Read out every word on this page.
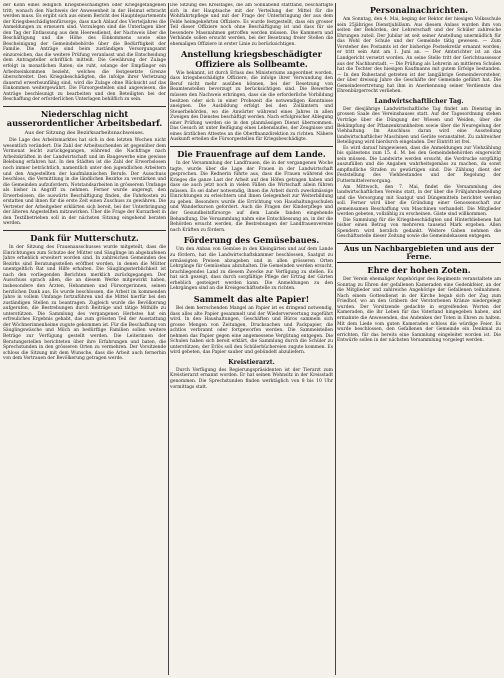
der Kohn eines lediglich Kriegsbeschädigten oder Kriegsgefangenen tritt; wonach den Nachweis der Anwesenheit in der Heimat erbracht werden muss. Es ergibt sich aus einem Bericht des Hauptdepartements der Kriegsbeschädigtenfürsorge, dass nach Ablauf des Vierteljahres die Anmeldungen zu erneuern sind. Vorzulegen sind die Unterlagen über den Tag der Entlassung aus dem Heeresdienst, der Nachweis über die Beschäftigung und die Höhe des Einkommens sowie eine Bescheinigung der Gemeindebehörde über die Bedürftigkeit der Familie. Die Anträge sind beim zuständigen Versorgungsamt einzureichen, das die weitere Prüfung veranlasst und die Entscheidung dem Antragsteller schriftlich mitteilt. Die Gewährung der Zulage erfolgt in monatlichen Raten; sie ruht, solange der Empfänger ein Arbeitseinkommen bezieht, welches die festgesetzte Grenze überschreitet. Den Kriegsbeschädigten, die infolge ihrer Verletzung dauernd erwerbsunfähig sind, wird die Zulage ohne Rücksicht auf das Einkommen weitergewährt. Die Fürsorgestellen sind angewiesen, die Anträge beschleunigt zu bearbeiten und den Beteiligten bei der Beschaffung der erforderlichen Unterlagen behilflich zu sein.

Niederschlag nicht ausserordentlicher Arbeitsbedarf.
Aus der Sitzung des Bezirksarbeitsnachweises.

Die Lage des Arbeitsmarktes hat sich in den letzten Wochen nicht wesentlich verändert. Die Zahl der Arbeitsuchenden ist gegenüber dem Vormonat leicht zurückgegangen, während die Nachfrage nach Arbeitskräften in der Landwirtschaft und im Baugewerbe eine gewisse Belebung erfahren hat. In den Städten ist die Zahl der Erwerbslosen noch immer beträchtlich, namentlich unter den jugendlichen Arbeitern und den Angestellten der kaufmännischen Berufe. Der Ausschuss beschloss, die Vermittlung in die ländlichen Bezirke zu verstärken und die Gemeinden aufzufordern, Notstandsarbeiten in grösserem Umfange als bisher in Angriff zu nehmen. Ferner wurde angeregt, den Erwerbslosen, die auswärts Beschäftigung finden, die Fahrkosten zu erstatten und ihnen für die erste Zeit einen Zuschuss zu gewähren. Die Vertreter der Arbeitgeber erklärten sich bereit, bei der Unterbringung der älteren Angestellten mitzuwirken. Über die Frage der Kurzarbeit in den Textilbetrieben soll in der nächsten Sitzung eingehend beraten werden.

Dank für Mutterschutz.

In der Sitzung des Frauenausschusses wurde mitgeteilt, dass die Einrichtungen zum Schutze der Mütter und Säuglinge im abgelaufenen Jahre erheblich erweitert worden sind. In zahlreichen Gemeinden des Bezirks sind Beratungsstellen eröffnet worden, in denen die Mütter unentgeltlich Rat und Hilfe erhalten. Die Säuglingssterblichkeit ist nach den vorliegenden Berichten merklich zurückgegangen. Der Ausschuss sprach allen, die an diesem Werke mitgewirkt haben, insbesondere den Ärzten, Hebammen und Fürsorgerinnen, seinen herzlichen Dank aus. Es wurde beschlossen, die Arbeit im kommenden Jahre in vollem Umfange fortzuführen und die Mittel hierfür bei den zuständigen Stellen zu beantragen. Zugleich wurde die Bevölkerung aufgerufen, die Bestrebungen durch Beiträge und tätige Mithilfe zu unterstützen. Die Sammlung des vergangenen Herbstes hat ein erfreuliches Ergebnis gehabt, das zum grössten Teil der Ausstattung der Wöchnerinnenheime zugute gekommen ist. Für die Beschaffung von Säuglingswäsche und Milch an bedürftige Familien sollen weitere Beträge zur Verfügung gestellt werden. Die Leiterinnen der Beratungsstellen berichteten über ihre Erfahrungen und baten, die Sprechstunden in den grösseren Orten zu vermehren. Der Vorsitzende schloss die Sitzung mit dem Wunsche, dass die Arbeit auch fernerhin von dem Vertrauen der Bevölkerung getragen werde.

Die Sitzung des Kreistages, die am Sonnabend stattfand, beschäftigte sich in der Hauptsache mit der Verteilung der Mittel für die Wohlfahrtspflege und mit der Frage der Unterbringung der aus dem Felde heimgekehrten Offiziere. Es wurde festgestellt, dass ein grosser Teil dieser Offiziere noch ohne Beschäftigung ist und dass für sie besondere Massnahmen getroffen werden müssen. Die Kammern und Verbände sollen ersucht werden, bei der Besetzung freier Stellen die ehemaligen Offiziere in erster Linie zu berücksichtigen.

Anstellung kriegsbeschädigter Offiziere als Sollbeamte.

Wie bekannt, ist durch Erlass des Ministeriums angeordnet worden, dass kriegsbeschädigte Offiziere, die infolge ihrer Verwundung den Beruf nicht mehr ausüben können, bei der Besetzung von Beamtenstellen bevorzugt zu berücksichtigen sind. Die Bewerber müssen den Nachweis erbringen, dass sie die erforderliche Vorbildung besitzen oder sich in einer Probezeit die notwendigen Kenntnisse aneignen. Die Ausbildung erfolgt bei den Zollämtern und Steuerbehörden, wo die Anwärter während eines Jahres in allen Zweigen des Dienstes beschäftigt werden. Nach erfolgreicher Ablegung einer Prüfung werden sie in den planmässigen Dienst übernommen. Das Gesuch ist unter Beifügung eines Lebenslaufes, der Zeugnisse und eines ärztlichen Attestes an die Oberfinanzdirektion zu richten. Nähere Auskunft erteilen die Fürsorgestellen für Kriegsbeschädigte.

Die Frauenfrage auf dem Lande.

In der Versammlung der Landfrauen, die in der vergangenen Woche tagte, wurde über die Lage der Frauen in der Landwirtschaft gesprochen. Die Rednerin führte aus, dass die Frauen während des Krieges die ganze Last der Arbeit auf den Höfen getragen haben und dass sie auch jetzt noch in vielen Fällen die Wirtschaft allein führen müssen. Es sei daher notwendig, ihnen die Arbeit durch zweckmässige Einrichtungen zu erleichtern und ihnen Gelegenheit zur Weiterbildung zu geben. Besonders wurde die Errichtung von Haushaltungsschulen und Wanderkursen gefordert. Auch die Fragen der Kinderpflege und der Gesundheitsfürsorge auf dem Lande fanden eingehende Behandlung. Die Versammlung nahm eine Entschliessung an, in der die Behörden ersucht werden, die Bestrebungen der Landfrauenvereine nach Kräften zu fördern.

Förderung des Gemüsebaues.

Um den Anbau von Gemüse in den Kleingärten und auf dem Lande zu fördern, hat die Landwirtschaftskammer beschlossen, Saatgut zu ermässigten Preisen abzugeben und in allen grösseren Orten Lehrgänge für Gemüsebau abzuhalten. Die Gemeinden werden ersucht, brachliegendes Land zu diesem Zwecke zur Verfügung zu stellen. Es hat sich gezeigt, dass durch sorgfältige Pflege der Ertrag der Gärten erheblich gesteigert werden kann. Die Anmeldungen zu den Lehrgängen sind an die Kreisgeschäftsstelle zu richten.

Sammelt das alte Papier!

Bei dem herrschenden Mangel an Papier ist es dringend notwendig, dass alles alte Papier gesammelt und der Wiederverwertung zugeführt wird. In den Haushaltungen, Geschäften und Büros sammeln sich grosse Mengen von Zeitungen, Drucksachen und Packpapier, die achtlos verbrannt oder fortgeworfen werden. Die Sammelstellen nehmen das Papier gegen eine angemessene Vergütung entgegen. Die Schulen haben sich bereit erklärt, die Sammlung durch die Schüler zu unterstützen; der Erlös soll den Schülerbüchereien zugute kommen. Es wird gebeten, das Papier sauber und gebündelt abzuliefern.

Kreistierarzt.

Durch Verfügung des Regierungspräsidenten ist der Tierarzt zum Kreistierarzt ernannt worden. Er hat seinen Wohnsitz in der Kreisstadt genommen. Die Sprechstunden finden werktäglich von 8 bis 10 Uhr vormittags statt.

Personalnachrichten.

Am Sonntag, den 4. Mai, beging der Rektor der hiesigen Volksschule sein 25jähriges Dienstjubiläum. Aus diesem Anlass wurden ihm von seiten der Behörden, der Lehrerschaft und der Schüler zahlreiche Ehrungen zuteil. Der Jubilar ist seit seiner Anstellung unermüdlich für das Wohl der Schule und der Gemeinde tätig gewesen. — Zum Vorsteher des Postamts ist der bisherige Postsekretär ernannt worden; er tritt sein Amt am 1. Juni an. — Der Amtsrichter ist an das Landgericht versetzt worden. An seine Stelle tritt der Gerichtsassessor aus der Nachbarstadt. — Die Prüfung als Lehrerin an mittleren Schulen hat die Tochter des hiesigen Kaufmanns mit gutem Erfolge bestanden. — In den Ruhestand getreten ist der langjährige Gemeindevorsteher, der über dreissig Jahre die Geschäfte der Gemeinde geführt hat. Die Gemeindevertretung hat ihm in Anerkennung seiner Verdienste das Ehrenbürgerrecht verliehen.

Landwirtschaftlicher Tag.

Der diesjährige Landwirtschaftliche Tag findet am Dienstag im grossen Saale des Vereinshauses statt. Auf der Tagesordnung stehen Vorträge über die Düngung der Wiesen und Weiden, über die Bekämpfung der Pflanzenkrankheiten sowie über die Neuregelung der Viehhaltung. Im Anschluss daran wird eine Ausstellung landwirtschaftlicher Maschinen und Geräte veranstaltet. Zu zahlreicher Beteiligung wird hierdurch eingeladen. Der Eintritt ist frei.

Es wird darauf hingewiesen, dass die Anmeldungen zur Viehzählung bis spätestens zum 15. d. M. bei den Gemeindebehörden eingereicht sein müssen. Die Landwirte werden ersucht, die Vordrucke sorgfältig auszufüllen und die Angaben wahrheitsgemäss zu machen, da sonst empfindliche Strafen zu gewärtigen sind. Die Zählung dient der Feststellung des Viehbestandes und der Regelung der Futtermittelversorgung.

Am Mittwoch, den 7. Mai, findet die Versammlung des landwirtschaftlichen Vereins statt, in der über die Frühjahrsbestellung und die Versorgung mit Saatgut und Düngemitteln berichtet werden soll. Ferner wird über die Gründung einer Genossenschaft zur gemeinsamen Beschaffung von Maschinen verhandelt. Die Mitglieder werden gebeten, vollzählig zu erscheinen. Gäste sind willkommen.

Die Sammlung für die Kriegsbeschädigten und Hinterbliebenen hat bisher einen Betrag von mehreren tausend Mark ergeben. Allen Spendern wird herzlich gedankt. Weitere Gaben nehmen die Geschäftsstelle dieser Zeitung sowie die Gemeindekassen entgegen.

Aus un Nachbargebieten und aus der Ferne.
Ehre der hohen Zoten.

Der Verein ehemaliger Angehöriger des Regiments veranstaltete am Sonntag zu Ehren der gefallenen Kameraden eine Gedenkfeier, an der die Mitglieder und zahlreiche Angehörige der Gefallenen teilnahmen. Nach einem Gottesdienst in der Kirche begab sich der Zug zum Friedhof, wo an den Gräbern der Verstorbenen Kränze niedergelegt wurden. Der Vorsitzende gedachte in ergreifenden Worten der Kameraden, die ihr Leben für das Vaterland hingegeben haben, und ermahnte die Anwesenden, das Andenken der Toten in Ehren zu halten. Mit dem Liede vom guten Kameraden schloss die würdige Feier. Es wurde beschlossen, den Gefallenen der Gemeinde ein Denkmal zu errichten, für das bereits eine Sammlung eingeleitet worden ist. Die Entwürfe sollen in der nächsten Versammlung vorgelegt werden.
